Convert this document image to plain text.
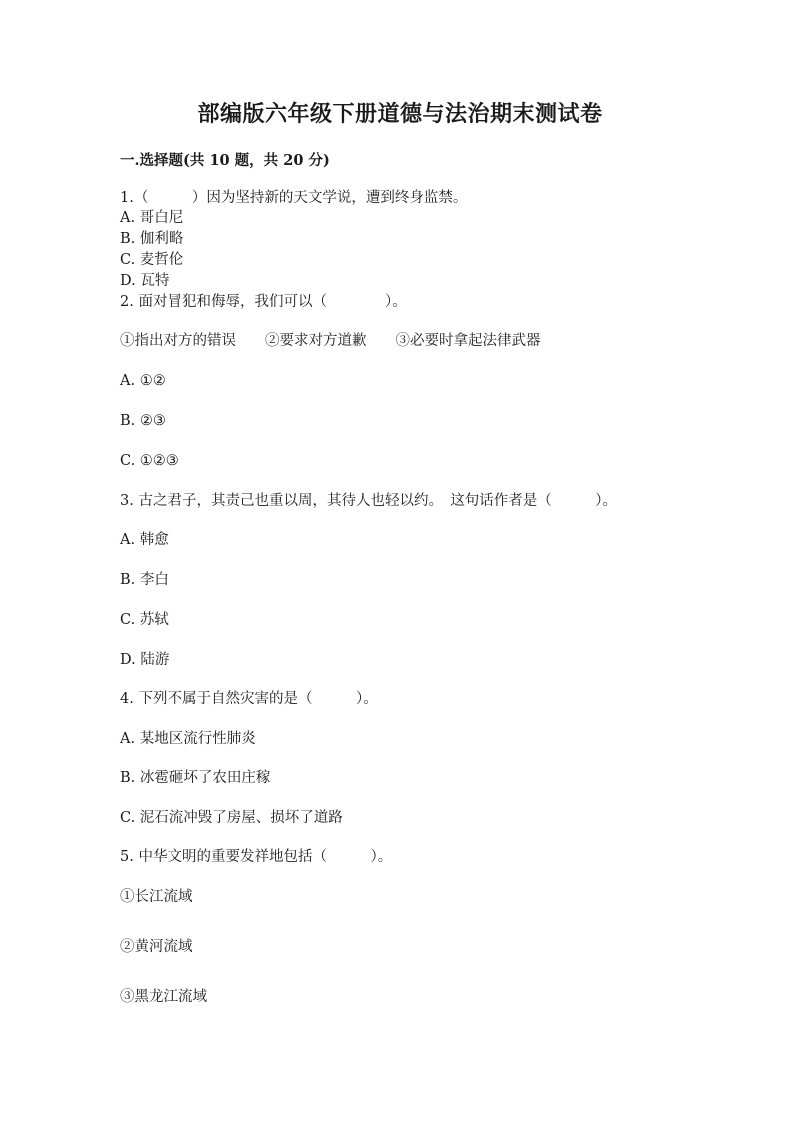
部编版六年级下册道德与法治期末测试卷
一.选择题(共 10 题，共 20 分)
1.（　　　）因为坚持新的天文学说，遭到终身监禁。
A. 哥白尼
B. 伽利略
C. 麦哲伦
D. 瓦特
2. 面对冒犯和侮辱，我们可以（　　　　）。
①指出对方的错误　　②要求对方道歉　　③必要时拿起法律武器
A. ①②
B. ②③
C. ①②③
3. 古之君子，其责己也重以周，其待人也轻以约。　这句话作者是（　　　）。
A. 韩愈
B. 李白
C. 苏轼
D. 陆游
4. 下列不属于自然灾害的是（　　　）。
A. 某地区流行性肺炎
B. 冰雹砸坏了农田庄稼
C. 泥石流冲毁了房屋、损坏了道路
5. 中华文明的重要发祥地包括（　　　）。
①长江流域
②黄河流域
③黑龙江流域
